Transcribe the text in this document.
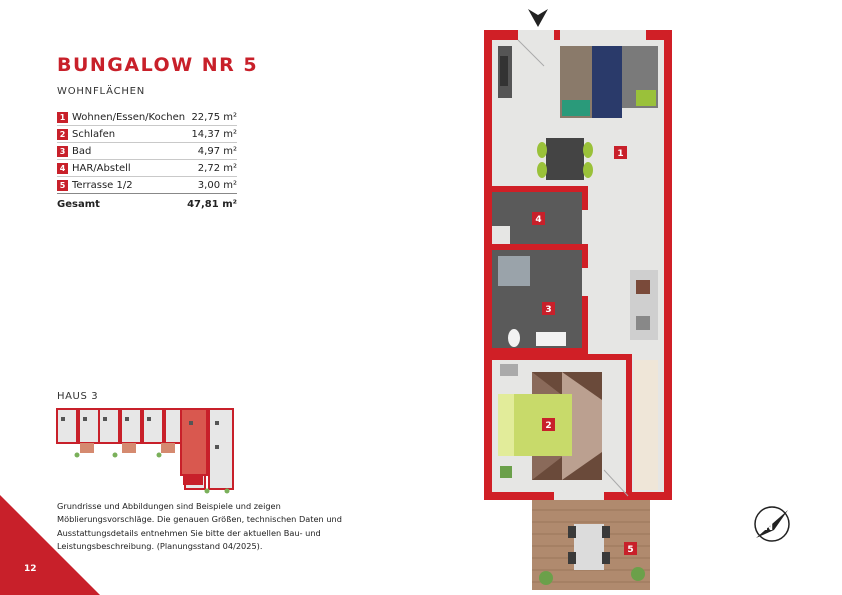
BUNGALOW NR 5
WOHNFLÄCHEN
1 Wohnen/Essen/Kochen 22,75 m²
2 Schlafen	14,37 m²
3 Bad	4,97 m²
4 HAR/Abstell	2,72 m²
5 Terrasse 1/2	3,00 m²
Gesamt	47,81 m²
HAUS 3
Grundrisse und Abbildungen sind Beispiele und zeigen Möblierungsvorschläge. Die genauen Größen, technischen Daten und Ausstattungsdetails entnehmen Sie bitte der aktuellen Bau- und Leistungsbeschreibung. (Planungsstand 04/2025).
12
1
2
3
4
5
N
